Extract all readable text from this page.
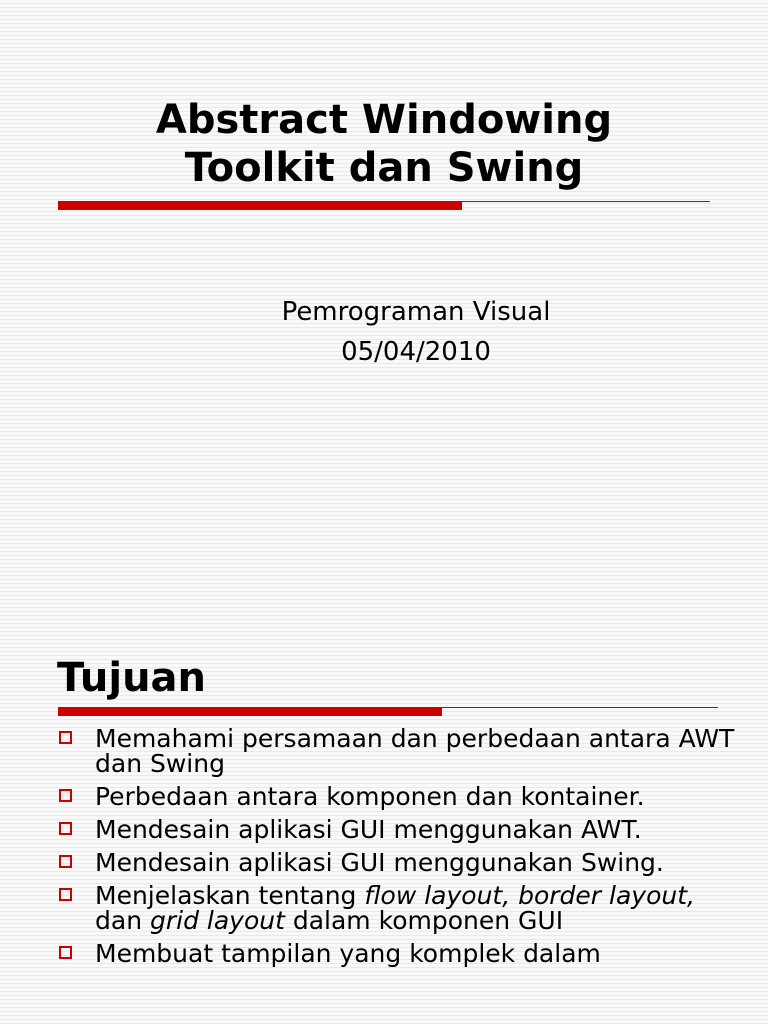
Abstract Windowing
Toolkit dan Swing
Pemrograman Visual
05/04/2010
Tujuan
Memahami persamaan dan perbedaan antara AWT dan Swing
Perbedaan antara komponen dan kontainer.
Mendesain aplikasi GUI menggunakan AWT.
Mendesain aplikasi GUI menggunakan Swing.
Menjelaskan tentang flow layout, border layout, dan grid layout dalam komponen GUI
Membuat tampilan yang komplek dalam
